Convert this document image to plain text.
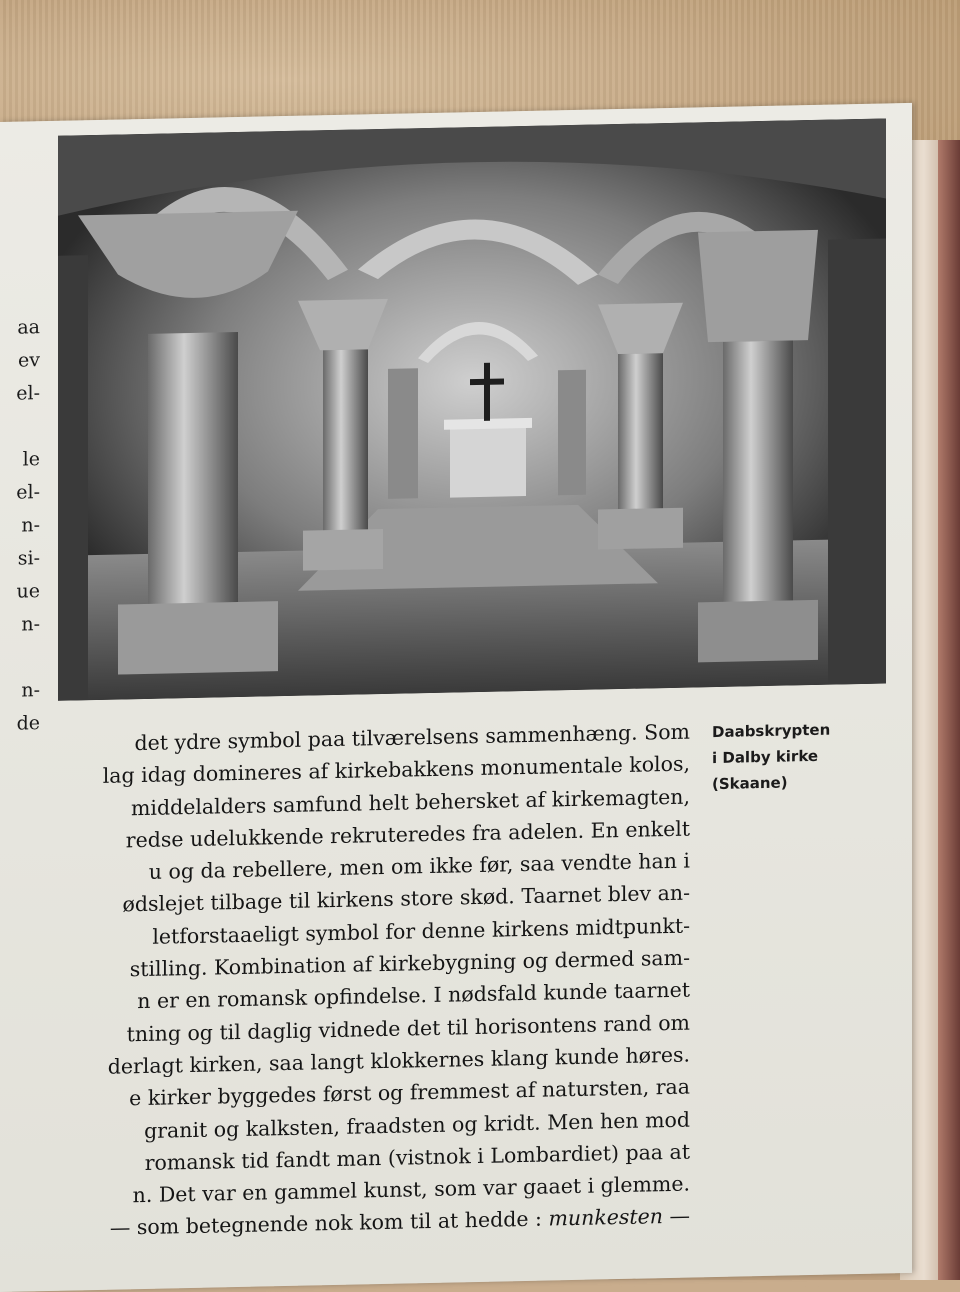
aa
ev
el-

le
el-
n-
si-
ue
n-

n-
de	Daabskrypten
i Dalby kirke
(Skaane)
det ydre symbol paa tilværelsens sammenhæng. Som
lag idag domineres af kirkebakkens monumentale kolos,
middelalders samfund helt behersket af kirkemagten,
redse udelukkende rekruteredes fra adelen. En enkelt
u og da rebellere, men om ikke før, saa vendte han i
ødslejet tilbage til kirkens store skød. Taarnet blev an-
letforstaaeligt symbol for denne kirkens midtpunkt-
stilling. Kombination af kirkebygning og dermed sam-
n er en romansk opfindelse. I nødsfald kunde taarnet
tning og til daglig vidnede det til horisontens rand om
derlagt kirken, saa langt klokkernes klang kunde høres.
e kirker byggedes først og fremmest af natursten, raa
granit og kalksten, fraadsten og kridt. Men hen mod
romansk tid fandt man (vistnok i Lombardiet) paa at
n. Det var en gammel kunst, som var gaaet i glemme.
— som betegnende nok kom til at hedde : munkesten —
